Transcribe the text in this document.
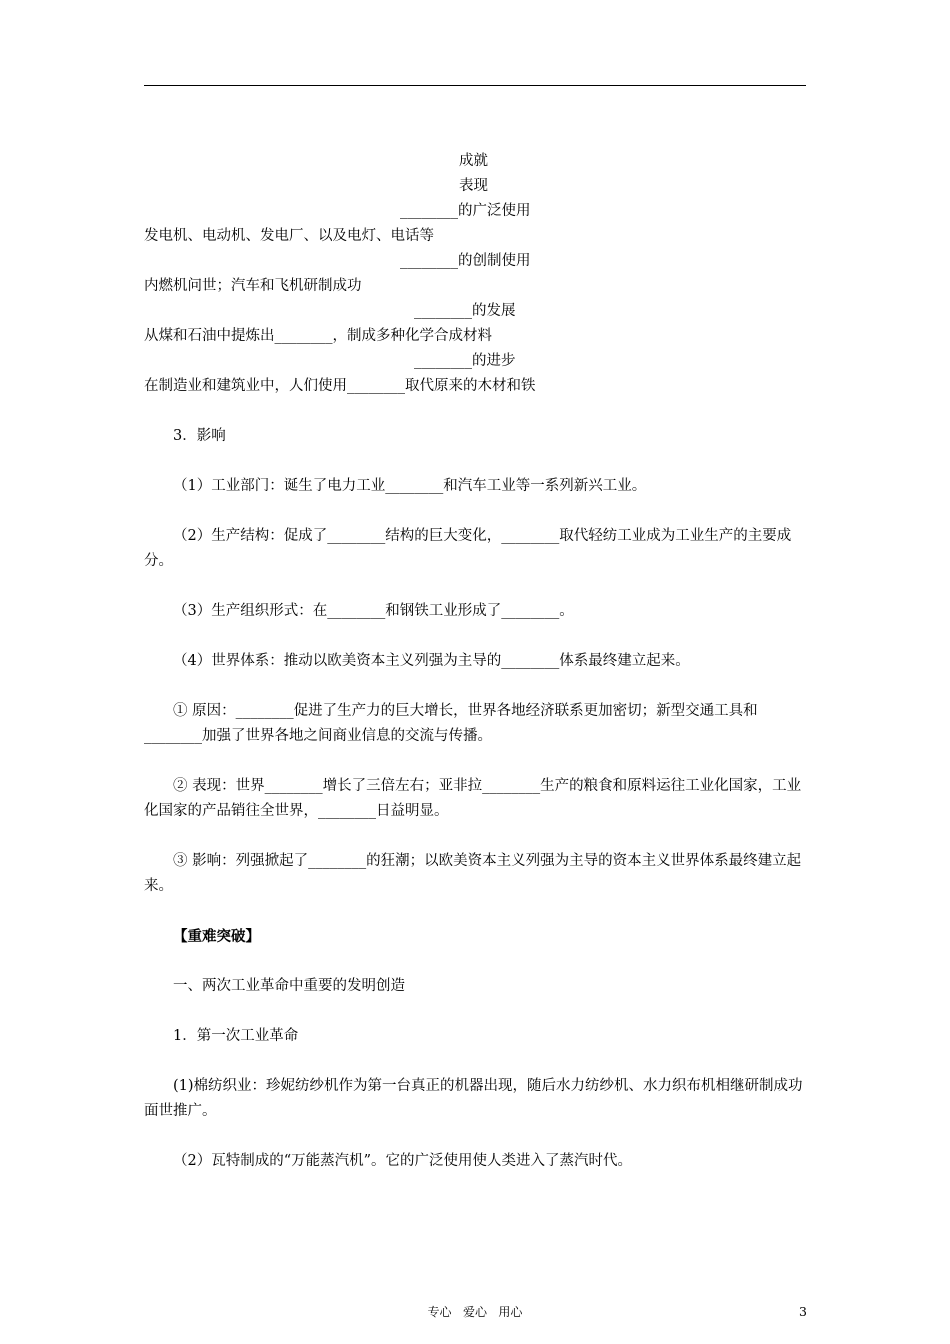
成就

表现

________的广泛使用

发电机、电动机、发电厂、以及电灯、电话等

________的创制使用

内燃机问世；汽车和飞机研制成功

________的发展

从煤和石油中提炼出________，制成多种化学合成材料

________的进步

在制造业和建筑业中，人们使用________取代原来的木材和铁

3．影响

（1）工业部门：诞生了电力工业________和汽车工业等一系列新兴工业。

（2）生产结构：促成了________结构的巨大变化，________取代轻纺工业成为工业生产的主要成分。

（3）生产组织形式：在________和钢铁工业形成了________。

（4）世界体系：推动以欧美资本主义列强为主导的________体系最终建立起来。

① 原因：________促进了生产力的巨大增长，世界各地经济联系更加密切；新型交通工具和________加强了世界各地之间商业信息的交流与传播。

② 表现：世界________增长了三倍左右；亚非拉________生产的粮食和原料运往工业化国家，工业化国家的产品销往全世界，________日益明显。

③ 影响：列强掀起了________的狂潮；以欧美资本主义列强为主导的资本主义世界体系最终建立起来。

【重难突破】

一、两次工业革命中重要的发明创造

1．第一次工业革命

(1)棉纺织业：珍妮纺纱机作为第一台真正的机器出现，随后水力纺纱机、水力织布机相继研制成功面世推广。

（2）瓦特制成的“万能蒸汽机”。它的广泛使用使人类进入了蒸汽时代。

专心   爱心   用心	3
